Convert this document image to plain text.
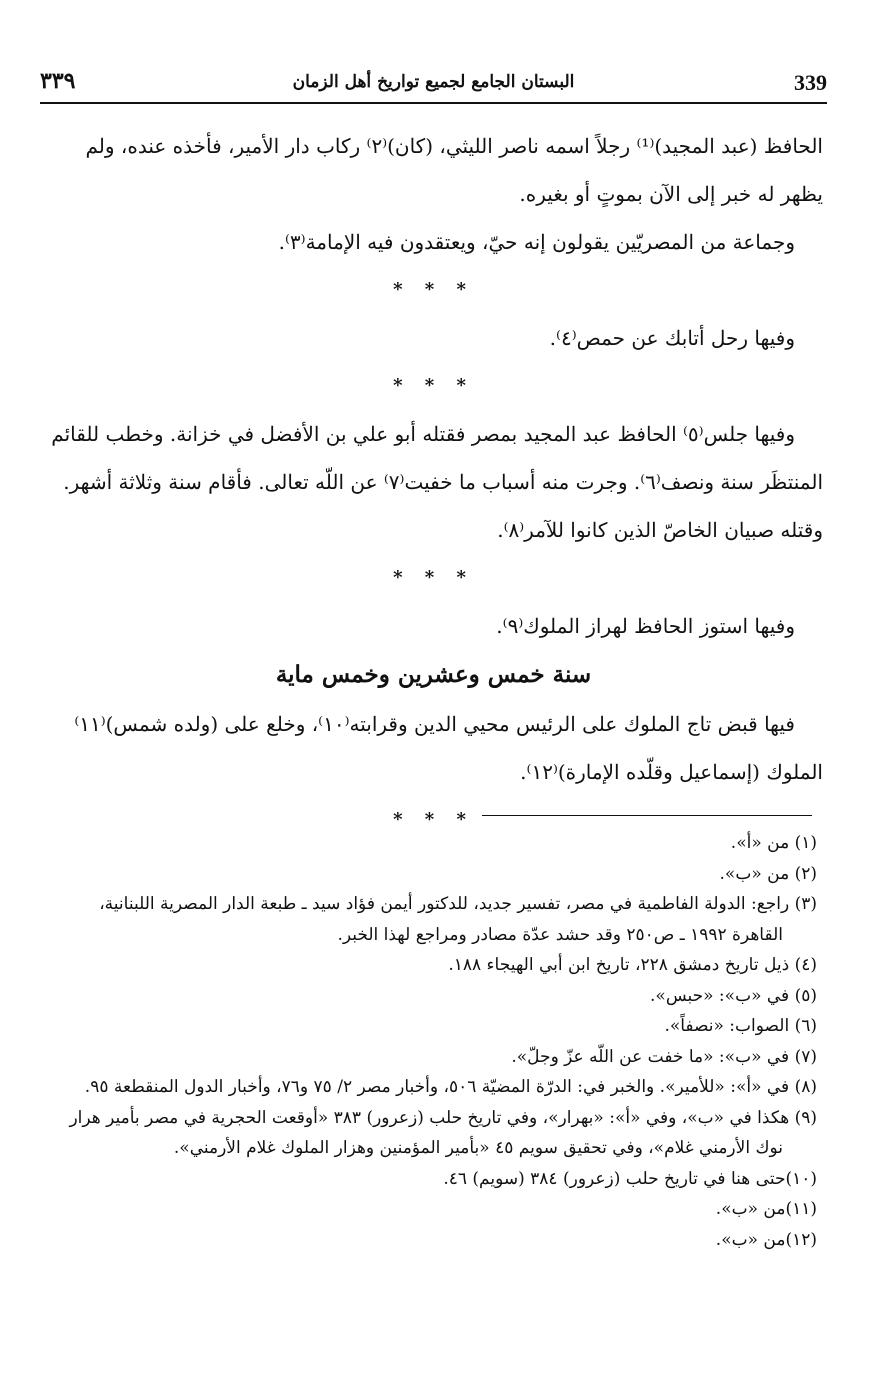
339
البستان الجامع لجميع تواريخ أهل الزمان
٣٣٩

الحافظ (عبد المجيد)⁽¹⁾ رجلاً اسمه ناصر الليثي، (كان)⁽٢⁾ ركاب دار الأمير، فأخذه عنده، ولم يظهر له خبر إلى الآن بموتٍ أو بغيره.

وجماعة من المصريّين يقولون إنه حيّ، ويعتقدون فيه الإمامة⁽٣⁾.

* * *

وفيها رحل أتابك عن حمص⁽٤⁾.

* * *

وفيها جلس⁽٥⁾ الحافظ عبد المجيد بمصر فقتله أبو علي بن الأفضل في خزانة. وخطب للقائم المنتظَر سنة ونصف⁽٦⁾. وجرت منه أسباب ما خفيت⁽٧⁾ عن اللّه تعالى. فأقام سنة وثلاثة أشهر. وقتله صبيان الخاصّ الذين كانوا للآمر⁽٨⁾.

* * *

وفيها استوز الحافظ لهراز الملوك⁽٩⁾.

سنة خمس وعشرين وخمس ماية

فيها قبض تاج الملوك على الرئيس محيي الدين وقرابته⁽١٠⁾، وخلع على (ولده شمس)⁽١١⁾ الملوك (إسماعيل وقلّده الإمارة)⁽١٢⁾.

* * *

(١) من «أ».

(٢) من «ب».

(٣) راجع: الدولة الفاطمية في مصر، تفسير جديد، للدكتور أيمن فؤاد سيد ـ طبعة الدار المصرية اللبنانية، القاهرة ١٩٩٢ ـ ص٢٥٠ وقد حشد عدّة مصادر ومراجع لهذا الخبر.

(٤) ذيل تاريخ دمشق ٢٢٨، تاريخ ابن أبي الهيجاء ١٨٨.

(٥) في «ب»: «حبس».

(٦) الصواب: «نصفاً».

(٧) في «ب»: «ما خفت عن اللّه عزّ وجلّ».

(٨) في «أ»: «للأمير». والخبر في: الدرّة المضيّة ٥٠٦، وأخبار مصر ٢/ ٧٥ و٧٦، وأخبار الدول المنقطعة ٩٥.

(٩) هكذا في «ب»، وفي «أ»: «بهرار»، وفي تاريخ حلب (زعرور) ٣٨٣ «أوقعت الحجرية في مصر بأمير هرار نوك الأرمني غلام»، وفي تحقيق سويم ٤٥ «بأمير المؤمنين وهزار الملوك غلام الأرمني».

(١٠)حتى هنا في تاريخ حلب (زعرور) ٣٨٤ (سويم) ٤٦.

(١١)من «ب».

(١٢)من «ب».
